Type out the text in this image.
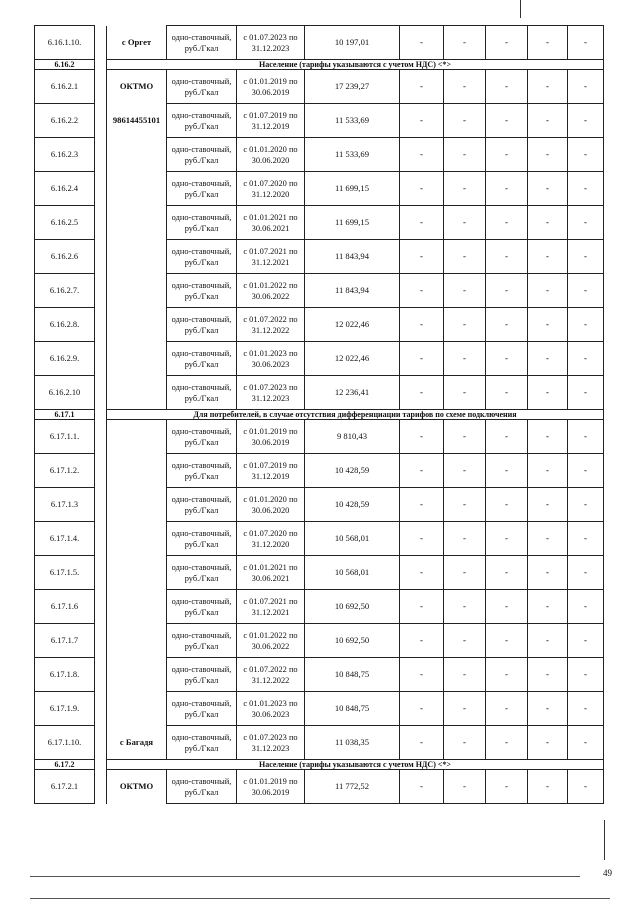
6.16.1.10.		с Оргет	одно-ставочный, руб./Гкал	с 01.07.2023 по 31.12.2023	10 197,01	-	-	-	-	-
6.16.2		Население (тарифы указываются с учетом НДС) <*>								
6.16.2.1		ОКТМО	одно-ставочный, руб./Гкал	с 01.01.2019 по 30.06.2019	17 239,27	-	-	-	-	-
6.16.2.2		98614455101	одно-ставочный, руб./Гкал	с 01.07.2019 по 31.12.2019	11 533,69	-	-	-	-	-
6.16.2.3			одно-ставочный, руб./Гкал	с 01.01.2020 по 30.06.2020	11 533,69	-	-	-	-	-
6.16.2.4			одно-ставочный, руб./Гкал	с 01.07.2020 по 31.12.2020	11 699,15	-	-	-	-	-
6.16.2.5			одно-ставочный, руб./Гкал	с 01.01.2021 по 30.06.2021	11 699,15	-	-	-	-	-
6.16.2.6			одно-ставочный, руб./Гкал	с 01.07.2021 по 31.12.2021	11 843,94	-	-	-	-	-
6.16.2.7.			одно-ставочный, руб./Гкал	с 01.01.2022 по 30.06.2022	11 843,94	-	-	-	-	-
6.16.2.8.			одно-ставочный, руб./Гкал	с 01.07.2022 по 31.12.2022	12 022,46	-	-	-	-	-
6.16.2.9.			одно-ставочный, руб./Гкал	с 01.01.2023 по 30.06.2023	12 022,46	-	-	-	-	-
6.16.2.10			одно-ставочный, руб./Гкал	с 01.07.2023 по 31.12.2023	12 236,41	-	-	-	-	-
6.17.1		Для потребителей, в случае отсутствия дифференциации тарифов по схеме подключения								
6.17.1.1.			одно-ставочный, руб./Гкал	с 01.01.2019 по 30.06.2019	9 810,43	-	-	-	-	-
6.17.1.2.			одно-ставочный, руб./Гкал	с 01.07.2019 по 31.12.2019	10 428,59	-	-	-	-	-
6.17.1.3			одно-ставочный, руб./Гкал	с 01.01.2020 по 30.06.2020	10 428,59	-	-	-	-	-
6.17.1.4.			одно-ставочный, руб./Гкал	с 01.07.2020 по 31.12.2020	10 568,01	-	-	-	-	-
6.17.1.5.			одно-ставочный, руб./Гкал	с 01.01.2021 по 30.06.2021	10 568,01	-	-	-	-	-
6.17.1.6			одно-ставочный, руб./Гкал	с 01.07.2021 по 31.12.2021	10 692,50	-	-	-	-	-
6.17.1.7			одно-ставочный, руб./Гкал	с 01.01.2022 по 30.06.2022	10 692,50	-	-	-	-	-
6.17.1.8.			одно-ставочный, руб./Гкал	с 01.07.2022 по 31.12.2022	10 848,75	-	-	-	-	-
6.17.1.9.			одно-ставочный, руб./Гкал	с 01.01.2023 по 30.06.2023	10 848,75	-	-	-	-	-
6.17.1.10.		с Багадя	одно-ставочный, руб./Гкал	с 01.07.2023 по 31.12.2023	11 038,35	-	-	-	-	-
6.17.2		Население (тарифы указываются с учетом НДС) <*>								
6.17.2.1		ОКТМО	одно-ставочный, руб./Гкал	с 01.01.2019 по 30.06.2019	11 772,52	-	-	-	-	-
49
